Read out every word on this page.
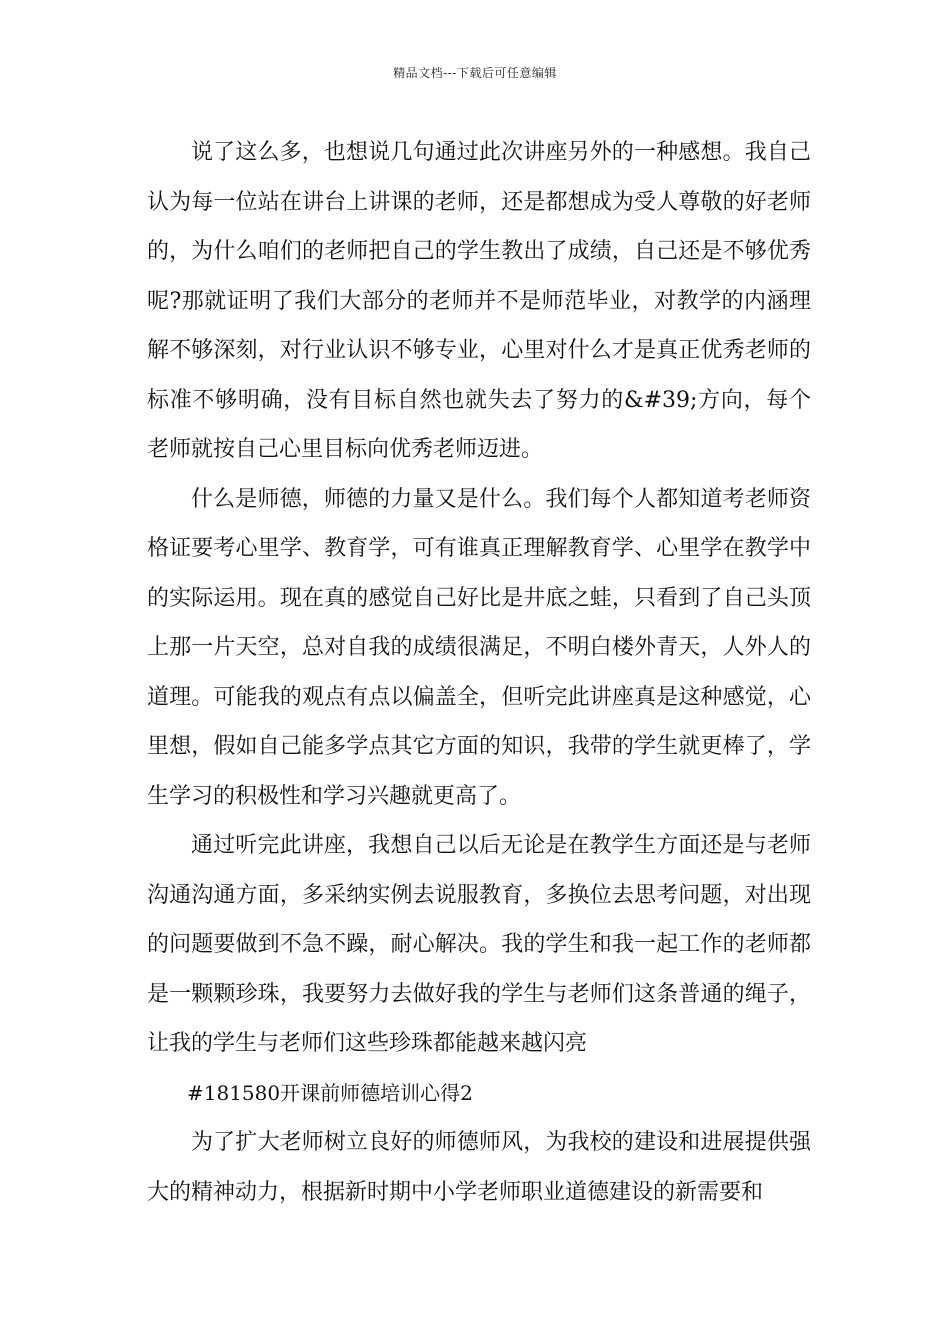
精品文档---下载后可任意编辑

说了这么多，也想说几句通过此次讲座另外的一种感想。我自己认为每一位站在讲台上讲课的老师，还是都想成为受人尊敬的好老师的，为什么咱们的老师把自己的学生教出了成绩，自己还是不够优秀呢?那就证明了我们大部分的老师并不是师范毕业，对教学的内涵理解不够深刻，对行业认识不够专业，心里对什么才是真正优秀老师的标准不够明确，没有目标自然也就失去了努力的&#39;方向，每个老师就按自己心里目标向优秀老师迈进。

什么是师德，师德的力量又是什么。我们每个人都知道考老师资格证要考心里学、教育学，可有谁真正理解教育学、心里学在教学中的实际运用。现在真的感觉自己好比是井底之蛙，只看到了自己头顶上那一片天空，总对自我的成绩很满足，不明白楼外青天，人外人的道理。可能我的观点有点以偏盖全，但听完此讲座真是这种感觉，心里想，假如自己能多学点其它方面的知识，我带的学生就更棒了，学生学习的积极性和学习兴趣就更高了。

通过听完此讲座，我想自己以后无论是在教学生方面还是与老师沟通沟通方面，多采纳实例去说服教育，多换位去思考问题，对出现的问题要做到不急不躁，耐心解决。我的学生和我一起工作的老师都是一颗颗珍珠，我要努力去做好我的学生与老师们这条普通的绳子，让我的学生与老师们这些珍珠都能越来越闪亮

#181580开课前师德培训心得2

为了扩大老师树立良好的师德师风，为我校的建设和进展提供强大的精神动力，根据新时期中小学老师职业道德建设的新需要和
